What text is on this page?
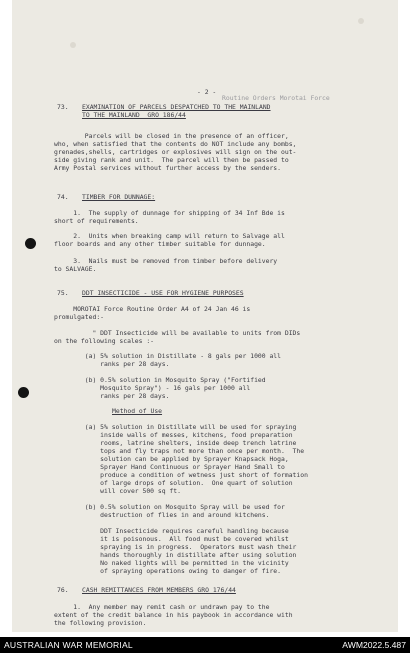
- 2 -
Routine Orders Morotai Force
73. EXAMINATION OF PARCELS DESPATCHED TO THE MAINLAND
TO THE MAINLAND  GRO 186/44
Parcels will be closed in the presence of an officer,
who, when satisfied that the contents do NOT include any bombs,
grenades,shells, cartridges or explosives will sign on the out-
side giving rank and unit.  The parcel will then be passed to
Army Postal services without further access by the senders.
74. TIMBER FOR DUNNAGE:
1.  The supply of dunnage for shipping of 34 Inf Bde is
short of requirements.
2.  Units when breaking camp will return to Salvage all
floor boards and any other timber suitable for dunnage.
3.  Nails must be removed from timber before delivery
to SALVAGE.
75. DDT INSECTICIDE - USE FOR HYGIENE PURPOSES
MOROTAI Force Routine Order A4 of 24 Jan 46 is
promulgated:-
" DDT Insecticide will be available to units from DIDs
on the following scales :-
(a) 5% solution in Distillate - 8 gals per 1000 all
ranks per 28 days.
(b) 0.5% solution in Mosquito Spray ("Fortified
Mosquito Spray") - 16 gals per 1000 all
ranks per 28 days.
Method of Use
(a) 5% solution in Distillate will be used for spraying
inside walls of messes, kitchens, food preparation
rooms, latrine shelters, inside deep trench latrine
tops and fly traps not more than once per month.  The
solution can be applied by Sprayer Knapsack Hoga,
Sprayer Hand Continuous or Sprayer Hand Small to
produce a condition of wetness just short of formation
of large drops of solution.  One quart of solution
will cover 500 sq ft.
(b) 0.5% solution on Mosquito Spray will be used for
destruction of flies in and around kitchens.
DDT Insecticide requires careful handling because
it is poisonous.  All food must be covered whilst
spraying is in progress.  Operators must wash their
hands thoroughly in distillate after using solution
No naked lights will be permitted in the vicinity
of spraying operations owing to danger of fire.
76. CASH REMITTANCES FROM MEMBERS GRO 176/44
1.  Any member may remit cash or undrawn pay to the
extent of the credit balance in his paybook in accordance with
the following provision.
AUSTRALIAN WAR MEMORIAL	AWM2022.5.487
